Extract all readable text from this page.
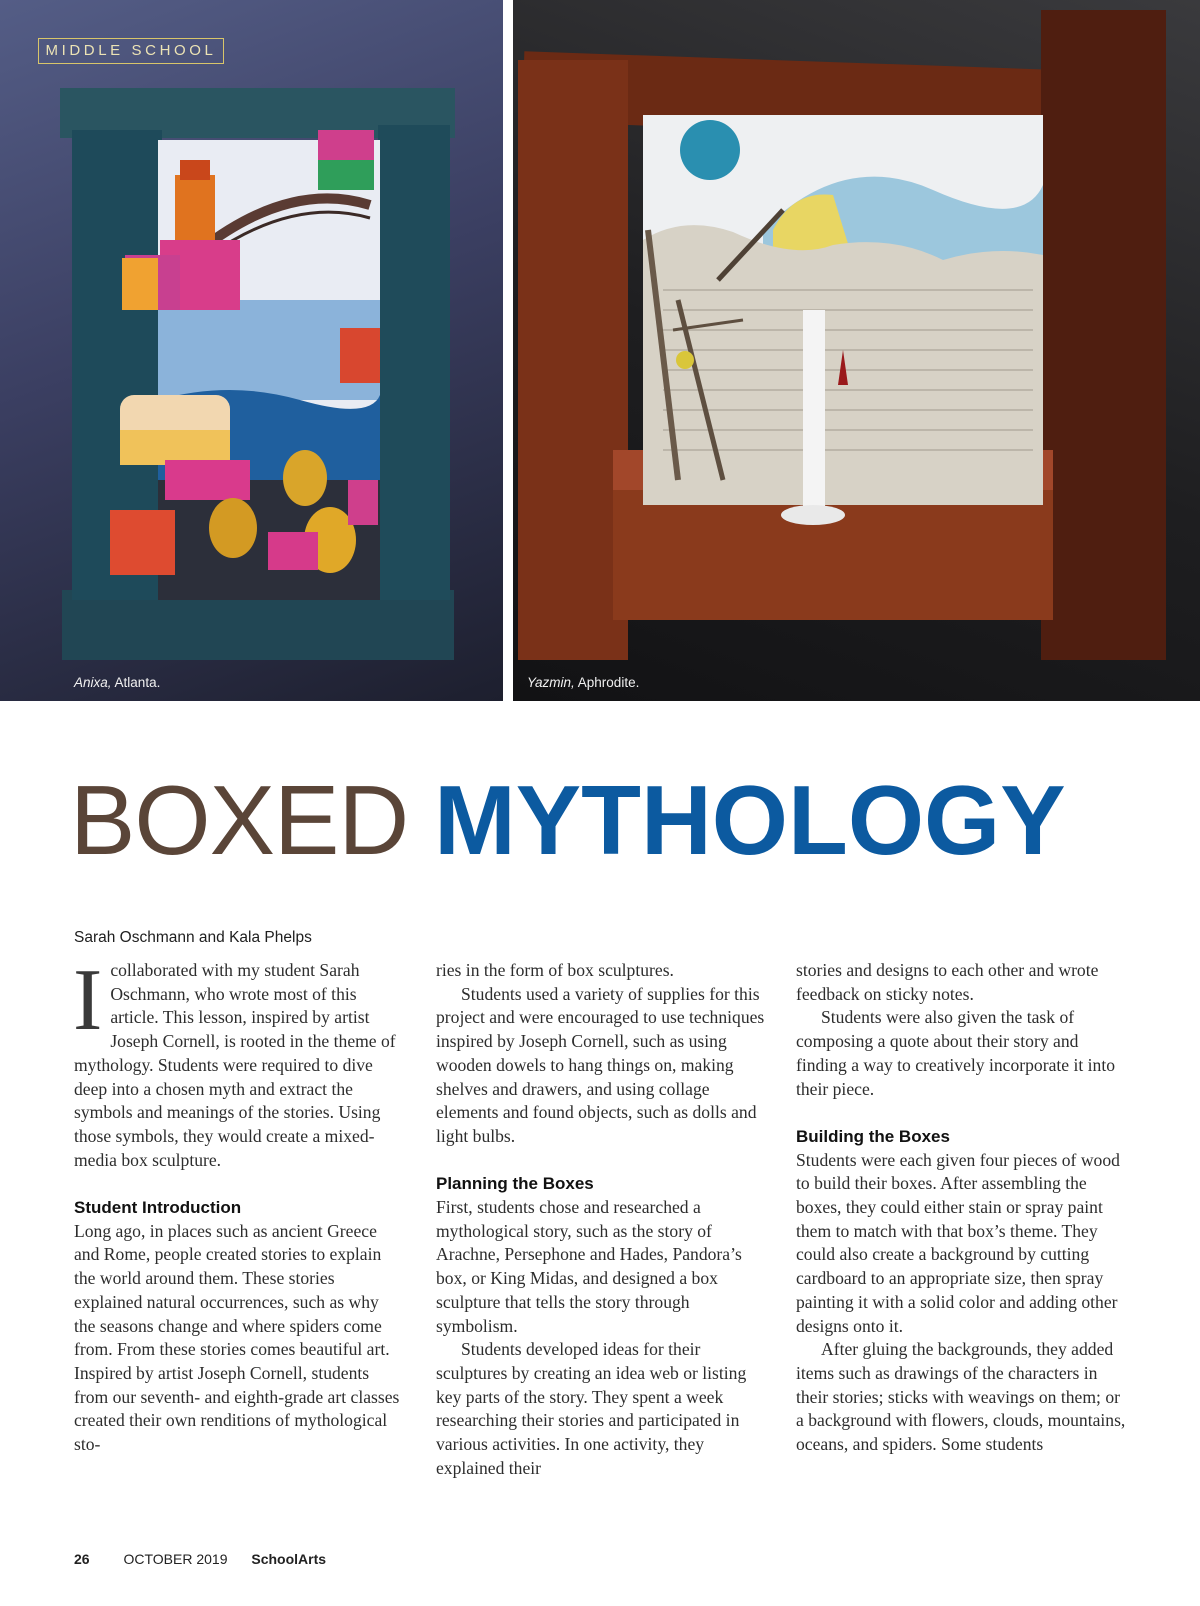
MIDDLE SCHOOL
Anixa, Atlanta.	Yazmin, Aphrodite.
BOXED MYTHOLOGY
Sarah Oschmann and Kala Phelps

Icollaborated with my student Sarah Oschmann, who wrote most of this article. This lesson, inspired by artist Joseph Cornell, is rooted in the theme of mythology. Students were required to dive deep into a chosen myth and extract the symbols and meanings of the stories. Using those symbols, they would create a mixed-media box sculpture.

Student Introduction

Long ago, in places such as ancient Greece and Rome, people created stories to explain the world around them. These stories explained natural occurrences, such as why the seasons change and where spiders come from. From these stories comes beautiful art. Inspired by artist Joseph Cornell, students from our seventh- and eighth-grade art classes created their own renditions of mythological sto-

ries in the form of box sculptures.

Students used a variety of supplies for this project and were encouraged to use techniques inspired by Joseph Cornell, such as using wooden dowels to hang things on, making shelves and drawers, and using collage elements and found objects, such as dolls and light bulbs.

Planning the Boxes

First, students chose and researched a mythological story, such as the story of Arachne, Persephone and Hades, Pandora’s box, or King Midas, and designed a box sculpture that tells the story through symbolism.

Students developed ideas for their sculptures by creating an idea web or listing key parts of the story. They spent a week researching their stories and participated in various activities. In one activity, they explained their

stories and designs to each other and wrote feedback on sticky notes.

Students were also given the task of composing a quote about their story and finding a way to creatively incorporate it into their piece.

Building the Boxes

Students were each given four pieces of wood to build their boxes. After assembling the boxes, they could either stain or spray paint them to match with that box’s theme. They could also create a background by cutting cardboard to an appropriate size, then spray painting it with a solid color and adding other designs onto it.

After gluing the backgrounds, they added items such as drawings of the characters in their stories; sticks with weavings on them; or a background with flowers, clouds, mountains, oceans, and spiders. Some students

26 OCTOBER 2019 SchoolArts
